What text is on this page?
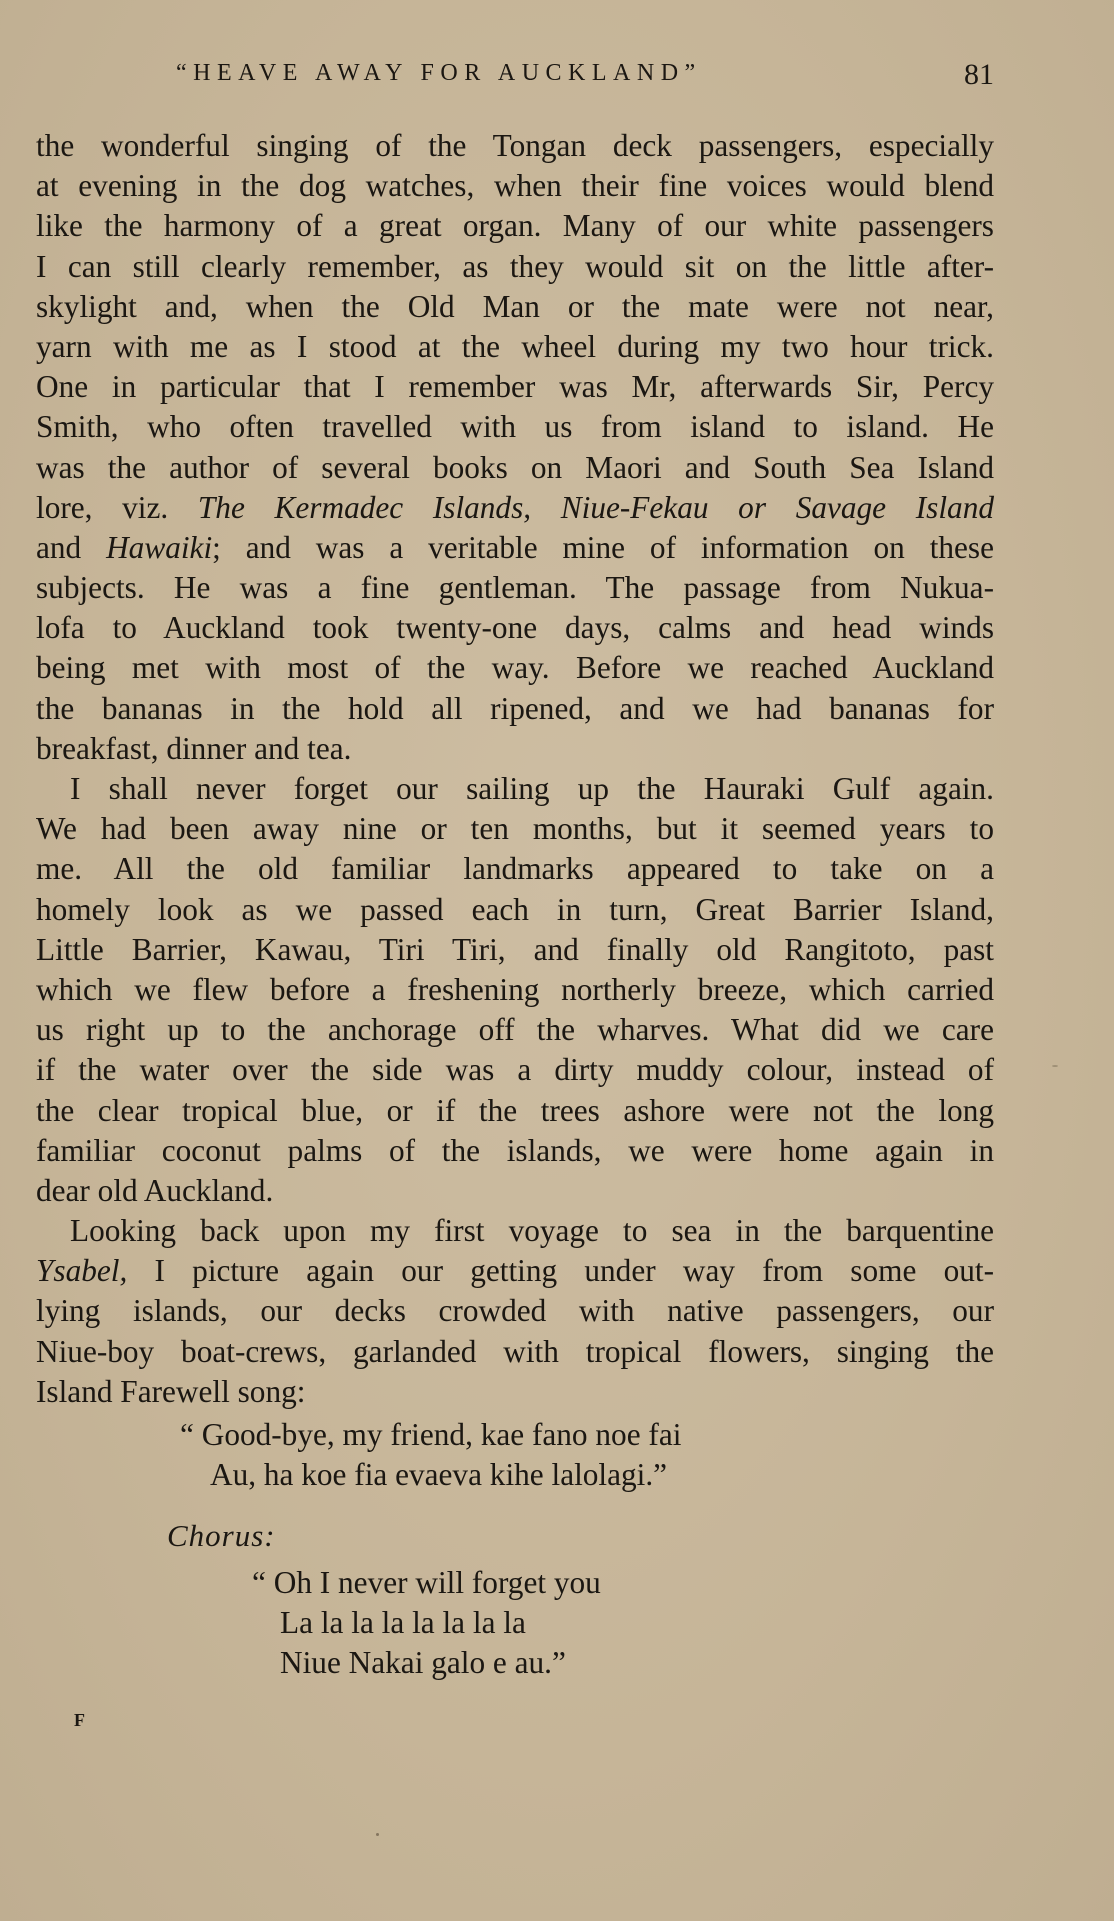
“HEAVE AWAY FOR AUCKLAND”	81
the wonderful singing of the Tongan deck passengers, especially
at evening in the dog watches, when their fine voices would blend
like the harmony of a great organ. Many of our white passengers
I can still clearly remember, as they would sit on the little after-
skylight and, when the Old Man or the mate were not near,
yarn with me as I stood at the wheel during my two hour trick.
One in particular that I remember was Mr, afterwards Sir, Percy
Smith, who often travelled with us from island to island. He
was the author of several books on Maori and South Sea Island
lore, viz. The Kermadec Islands, Niue-Fekau or Savage Island
and Hawaiki; and was a veritable mine of information on these
subjects. He was a fine gentleman. The passage from Nukua-
lofa to Auckland took twenty-one days, calms and head winds
being met with most of the way. Before we reached Auckland
the bananas in the hold all ripened, and we had bananas for
breakfast, dinner and tea.
I shall never forget our sailing up the Hauraki Gulf again.
We had been away nine or ten months, but it seemed years to
me. All the old familiar landmarks appeared to take on a
homely look as we passed each in turn, Great Barrier Island,
Little Barrier, Kawau, Tiri Tiri, and finally old Rangitoto, past
which we flew before a freshening northerly breeze, which carried
us right up to the anchorage off the wharves. What did we care
if the water over the side was a dirty muddy colour, instead of
the clear tropical blue, or if the trees ashore were not the long
familiar coconut palms of the islands, we were home again in
dear old Auckland.
Looking back upon my first voyage to sea in the barquentine
Ysabel, I picture again our getting under way from some out-
lying islands, our decks crowded with native passengers, our
Niue-boy boat-crews, garlanded with tropical flowers, singing the
Island Farewell song:
“ Good-bye, my friend, kae fano noe fai
Au, ha koe fia evaeva kihe lalolagi.”
Chorus:
“ Oh I never will forget you
La la la la la la la la
Niue Nakai galo e au.”
F
